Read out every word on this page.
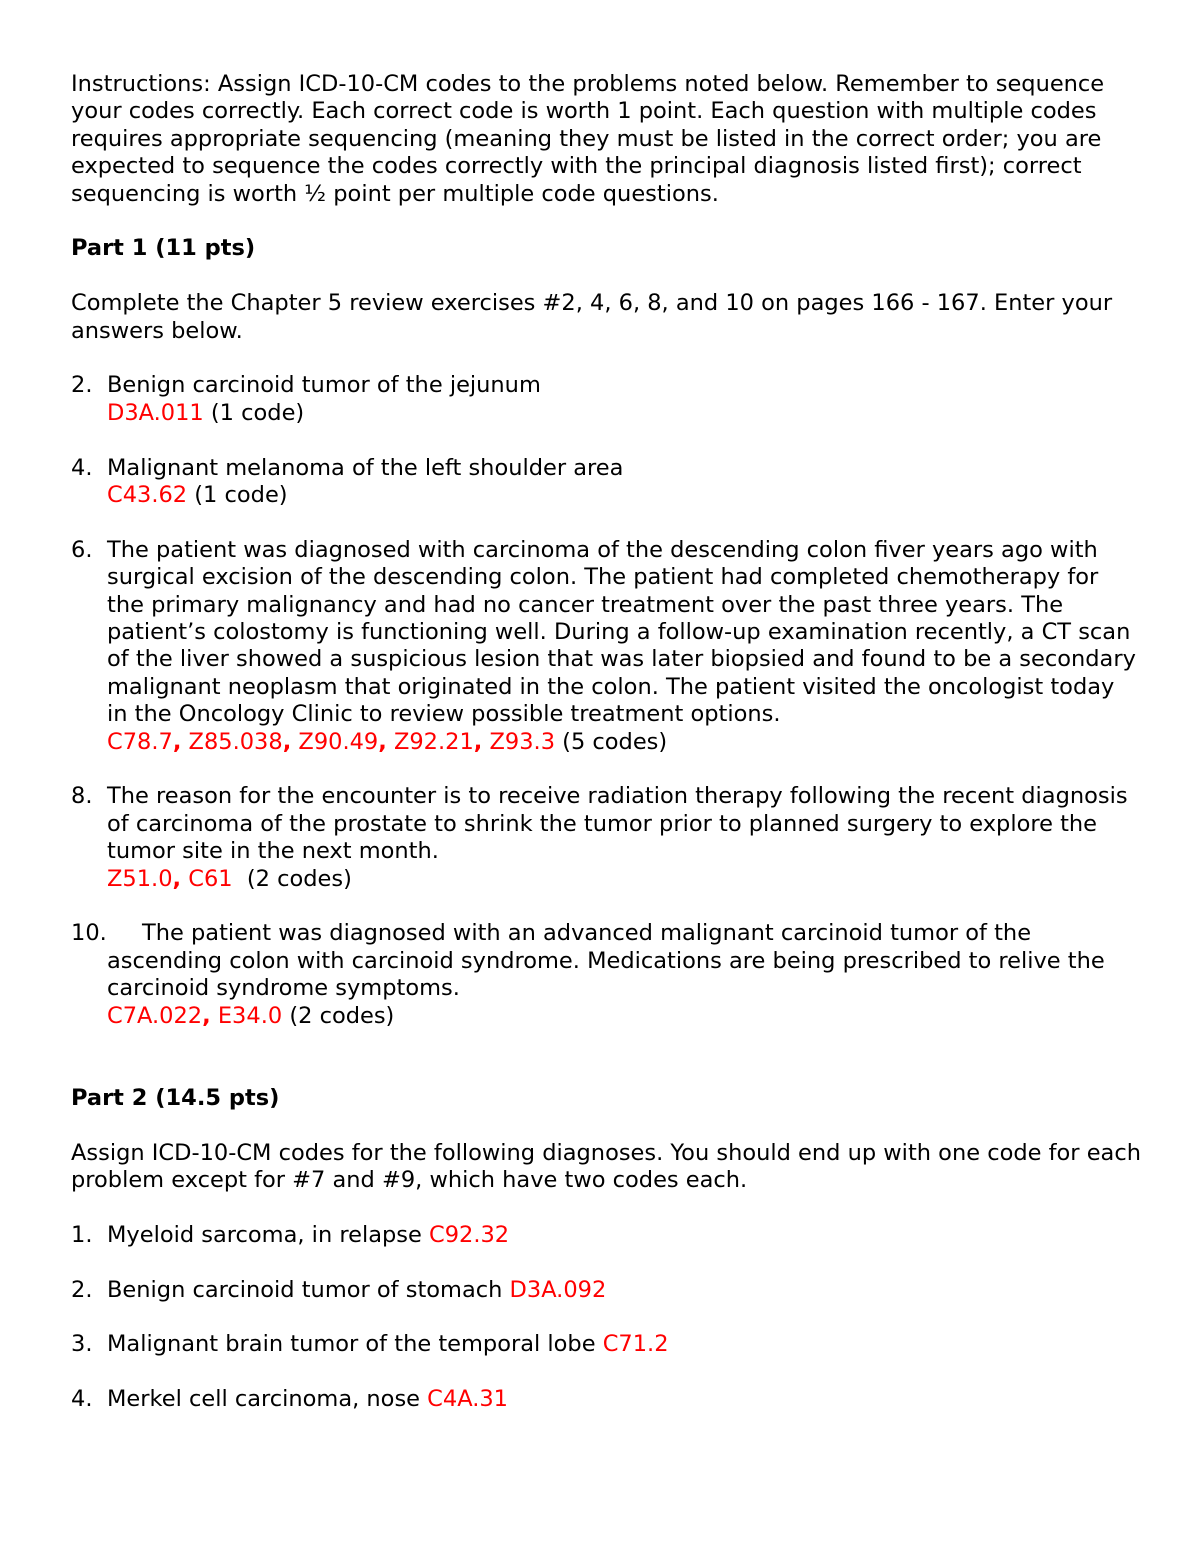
Instructions: Assign ICD-10-CM codes to the problems noted below. Remember to sequence your codes correctly. Each correct code is worth 1 point. Each question with multiple codes requires appropriate sequencing (meaning they must be listed in the correct order; you are expected to sequence the codes correctly with the principal diagnosis listed first); correct sequencing is worth ½ point per multiple code questions.

Part 1 (11 pts)

Complete the Chapter 5 review exercises #2, 4, 6, 8, and 10 on pages 166 - 167. Enter your answers below.

2. Benign carcinoid tumor of the jejunum

D3A.011 (1 code)

4. Malignant melanoma of the left shoulder area

C43.62 (1 code)

6. The patient was diagnosed with carcinoma of the descending colon fiver years ago with surgical excision of the descending colon. The patient had completed chemotherapy for the primary malignancy and had no cancer treatment over the past three years. The patient’s colostomy is functioning well. During a follow-up examination recently, a CT scan of the liver showed a suspicious lesion that was later biopsied and found to be a secondary malignant neoplasm that originated in the colon. The patient visited the oncologist today in the Oncology Clinic to review possible treatment options.

C78.7, Z85.038, Z90.49, Z92.21, Z93.3 (5 codes)

8. The reason for the encounter is to receive radiation therapy following the recent diagnosis of carcinoma of the prostate to shrink the tumor prior to planned surgery to explore the tumor site in the next month.

Z51.0, C61  (2 codes)

10. The patient was diagnosed with an advanced malignant carcinoid tumor of the ascending colon with carcinoid syndrome. Medications are being prescribed to relive the carcinoid syndrome symptoms.
C7A.022, E34.0 (2 codes)

Part 2 (14.5 pts)

Assign ICD-10-CM codes for the following diagnoses. You should end up with one code for each problem except for #7 and #9, which have two codes each.

1. Myeloid sarcoma, in relapse C92.32

2. Benign carcinoid tumor of stomach D3A.092

3. Malignant brain tumor of the temporal lobe C71.2

4. Merkel cell carcinoma, nose C4A.31
